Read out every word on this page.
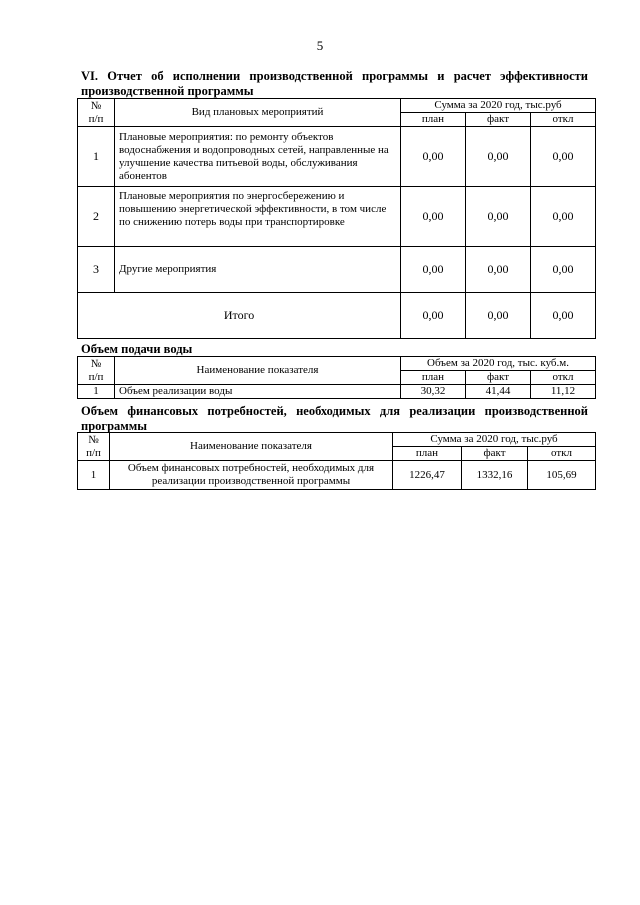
5
VI. Отчет об исполнении производственной программы и расчет эффективности
производственной программы
№
п/п	Вид плановых мероприятий	Сумма за 2020 год, тыс.руб		
		план	факт	откл
1	Плановые мероприятия: по ремонту объектов водоснабжения и водопроводных сетей, направленные на улучшение качества питьевой воды, обслуживания абонентов	0,00	0,00	0,00
2	Плановые мероприятия по энергосбережению и повышению энергетической эффективности, в том числе по снижению потерь воды при транспортировке	0,00	0,00	0,00
3	Другие мероприятия	0,00	0,00	0,00
Итого		0,00	0,00	0,00
Объем подачи воды
№
п/п	Наименование показателя	Объем за 2020 год, тыс. куб.м.		
		план	факт	откл
1	Объем реализации воды	30,32	41,44	11,12
Объем финансовых потребностей, необходимых для реализации производственной
программы
№
п/п	Наименование показателя	Сумма за 2020 год, тыс.руб		
		план	факт	откл
1	Объем финансовых потребностей, необходимых для реализации производственной программы	1226,47	1332,16	105,69
